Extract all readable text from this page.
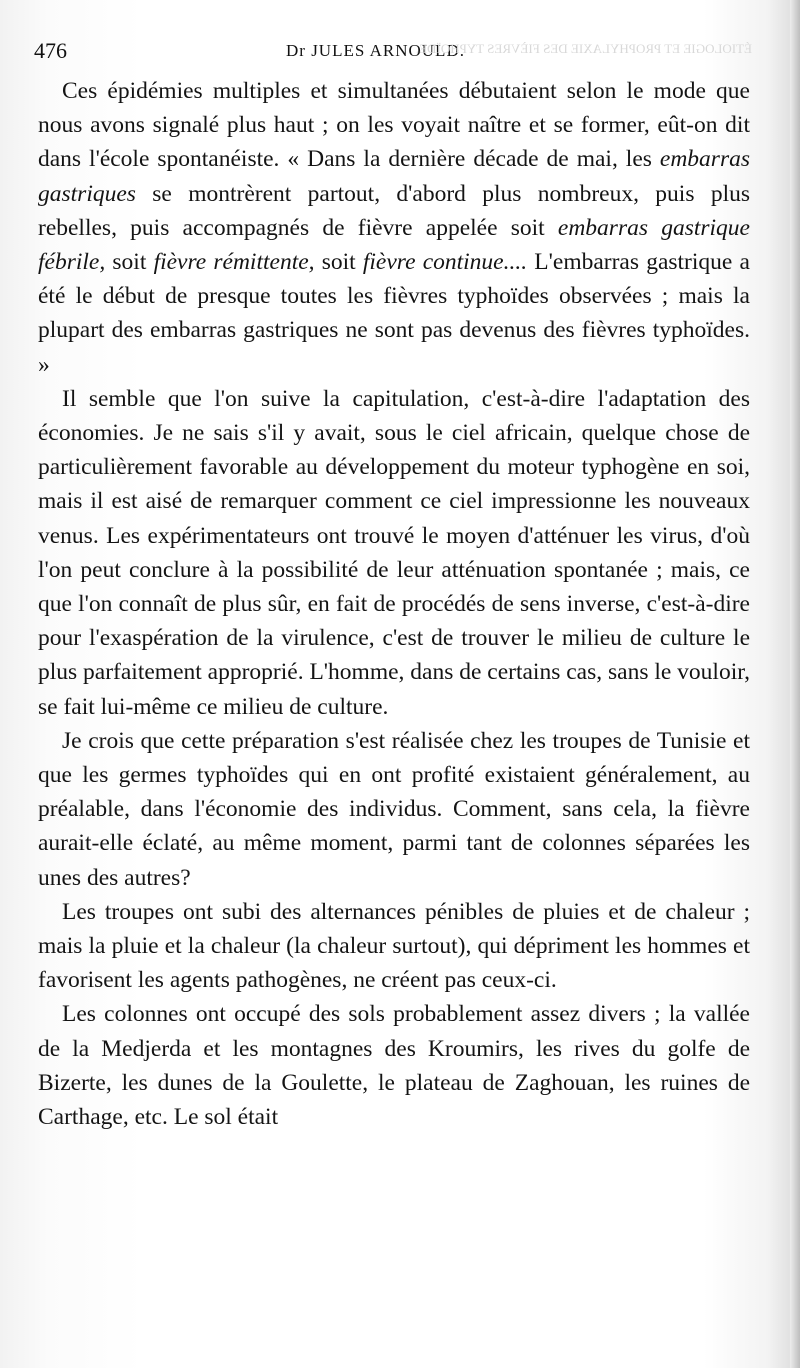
476	Dr JULES ARNOULD.
ÉTIOLOGIE ET PROPHYLAXIE DES FIÈVRES TYPHOÏDE.

Ces épidémies multiples et simultanées débutaient selon le mode que nous avons signalé plus haut ; on les voyait naître et se former, eût-on dit dans l'école spontanéiste. « Dans la dernière décade de mai, les embarras gastriques se montrèrent partout, d'abord plus nombreux, puis plus rebelles, puis accompagnés de fièvre appelée soit embarras gastrique fébrile, soit fièvre rémittente, soit fièvre continue.... L'embarras gastrique a été le début de presque toutes les fièvres typhoïdes observées ; mais la plupart des embarras gastriques ne sont pas devenus des fièvres typhoïdes. »

Il semble que l'on suive la capitulation, c'est-à-dire l'adaptation des économies. Je ne sais s'il y avait, sous le ciel africain, quelque chose de particulièrement favorable au développement du moteur typhogène en soi, mais il est aisé de remarquer comment ce ciel impressionne les nouveaux venus. Les expérimentateurs ont trouvé le moyen d'atténuer les virus, d'où l'on peut conclure à la possibilité de leur atténuation spontanée ; mais, ce que l'on connaît de plus sûr, en fait de procédés de sens inverse, c'est-à-dire pour l'exaspération de la virulence, c'est de trouver le milieu de culture le plus parfaitement approprié. L'homme, dans de certains cas, sans le vouloir, se fait lui-même ce milieu de culture.

Je crois que cette préparation s'est réalisée chez les troupes de Tunisie et que les germes typhoïdes qui en ont profité existaient généralement, au préalable, dans l'économie des individus. Comment, sans cela, la fièvre aurait-elle éclaté, au même moment, parmi tant de colonnes séparées les unes des autres?

Les troupes ont subi des alternances pénibles de pluies et de chaleur ; mais la pluie et la chaleur (la chaleur surtout), qui dépriment les hommes et favorisent les agents pathogènes, ne créent pas ceux-ci.

Les colonnes ont occupé des sols probablement assez divers ; la vallée de la Medjerda et les montagnes des Kroumirs, les rives du golfe de Bizerte, les dunes de la Goulette, le plateau de Zaghouan, les ruines de Carthage, etc. Le sol était
